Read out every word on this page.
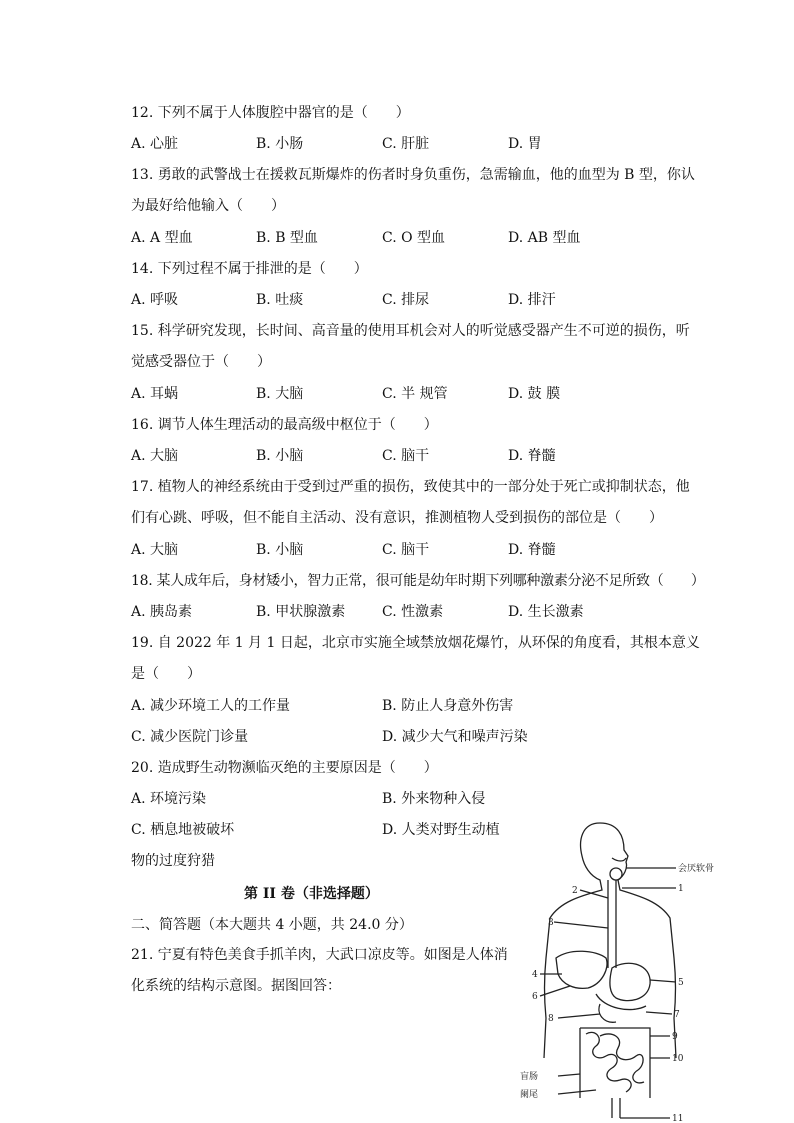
12. 下列不属于人体腹腔中器官的是（　　）
A. 心脏	B. 小肠	C. 肝脏	D. 胃
13. 勇敢的武警战士在援救瓦斯爆炸的伤者时身负重伤，急需输血，他的血型为 B 型，你认
为最好给他输入（　　）
A. A 型血	B. B 型血	C. O 型血	D. AB 型血
14. 下列过程不属于排泄的是（　　）
A. 呼吸	B. 吐痰	C. 排尿	D. 排汗
15. 科学研究发现，长时间、高音量的使用耳机会对人的听觉感受器产生不可逆的损伤，听
觉感受器位于（　　）
A. 耳蜗	B. 大脑	C. 半 规管	D. 鼓 膜
16. 调节人体生理活动的最高级中枢位于（　　）
A. 大脑	B. 小脑	C. 脑干	D. 脊髓
17. 植物人的神经系统由于受到过严重的损伤，致使其中的一部分处于死亡或抑制状态，他
们有心跳、呼吸，但不能自主活动、没有意识，推测植物人受到损伤的部位是（　　）
A. 大脑	B. 小脑	C. 脑干	D. 脊髓
18. 某人成年后，身材矮小，智力正常，很可能是幼年时期下列哪种激素分泌不足所致（　　）
A. 胰岛素	B. 甲状腺激素	C. 性激素	D. 生长激素
19. 自 2022 年 1 月 1 日起，北京市实施全域禁放烟花爆竹，从环保的角度看，其根本意义
是（　　）
A. 减少环境工人的工作量	B. 防止人身意外伤害
C. 减少医院门诊量	D. 减少大气和噪声污染
20. 造成野生动物濒临灭绝的主要原因是（　　）
A. 环境污染	B. 外来物种入侵
C. 栖息地被破坏	D. 人类对野生动植
物的过度狩猎
第 II 卷（非选择题）
二、简答题（本大题共 4 小题，共 24.0 分）
21. 宁夏有特色美食手抓羊肉，大武口凉皮等。如图是人体消
化系统的结构示意图。据图回答：
会厌软骨
1
2
3
4
6
5
8	7
9
10
盲肠
阑尾
11
